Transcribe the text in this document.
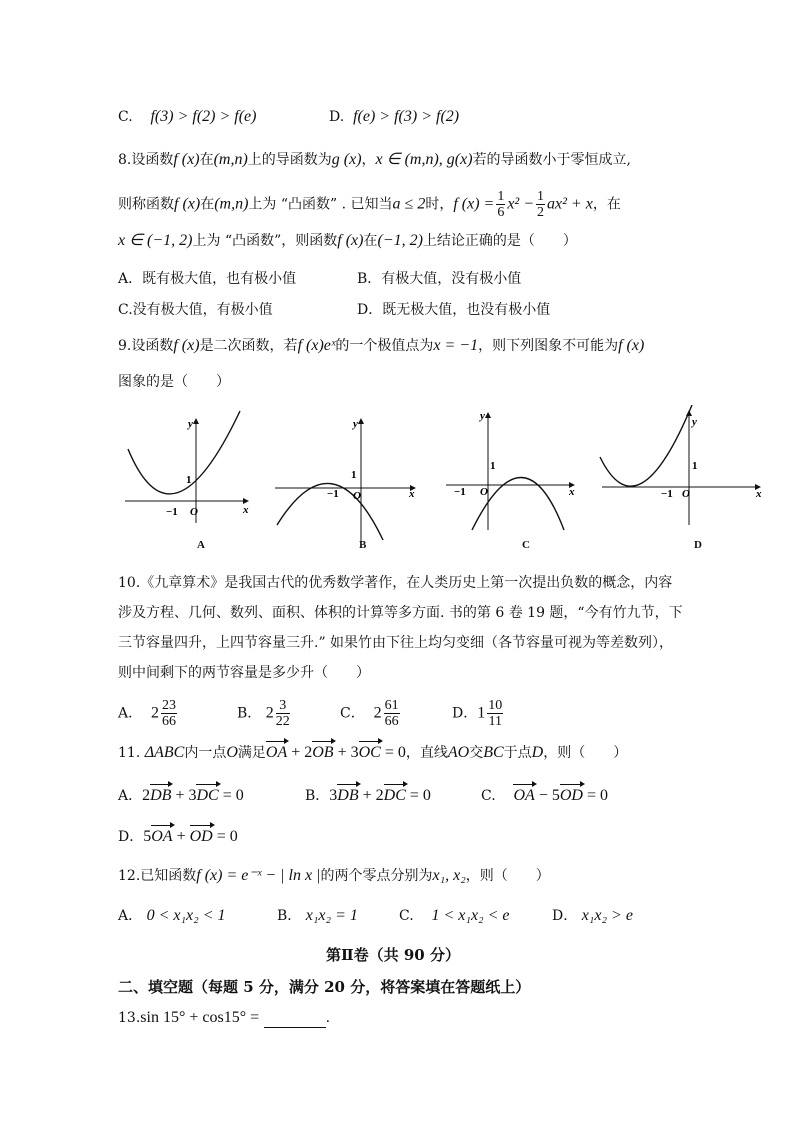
C. f(3) > f(2) > f(e)	D. f(e) > f(3) > f(2)
8.设函数f (x)在(m,n)上的导函数为g (x)，x ∈ (m,n), g(x)若的导函数小于零恒成立,
则称函数f (x)在(m,n)上为 “凸函数” . 已知当a ≤ 2时，f $(x) = \frac{1}{6} x^2 - \frac{1}{2} ax^2 + x$，在
x ∈ (−1, 2)上为 “凸函数”，则函数f (x)在(−1, 2)上结论正确的是（　　）
A．既有极大值，也有极小值	B．有极大值，没有极小值
C.没有极大值，有极小值	D．既无极大值，也没有极小值
9.设函数f (x)是二次函数，若f (x)eˣ的一个极值点为x = −1，则下列图象不可能为f (x)
图象的是（　　）
y
x
1
−1 O
y
x
1
−1 O
y
x
1
−1 O
y
x
1
−1 O
A	B	C	D
10.《九章算术》是我国古代的优秀数学著作，在人类历史上第一次提出负数的概念，内容
涉及方程、几何、数列、面积、体积的计算等多方面. 书的第 6 卷 19 题，“今有竹九节，下
三节容量四升，上四节容量三升.” 如果竹由下往上均匀变细（各节容量可视为等差数列），
则中间剩下的两节容量是多少升（　　）
A． $2 \frac{23}{66}$	B． $2 \frac{3}{22}$	C． $2 \frac{61}{66}$	D．$1 \frac{10}{11}$
11. ΔABC内一点O满足OA + 2OB + 3OC = 0，直线AO交BC于点D，则（　　）
A．2DB + 3DC = 0	B．3DB + 2DC = 0	C. OA − 5OD = 0
D．5OA + OD = 0
12.已知函数f (x) = e⁻ˣ − | ln x |的两个零点分别为x₁, x₂，则（　　）
A． 0 < x₁x₂ < 1	B． x₁x₂ = 1	C. 1 < x₁x₂ < e	D． x₁x₂ > e
第Ⅱ卷（共 90 分）
二、填空题（每题 5 分，满分 20 分，将答案填在答题纸上）
13.sin 15° + cos15° =	.
